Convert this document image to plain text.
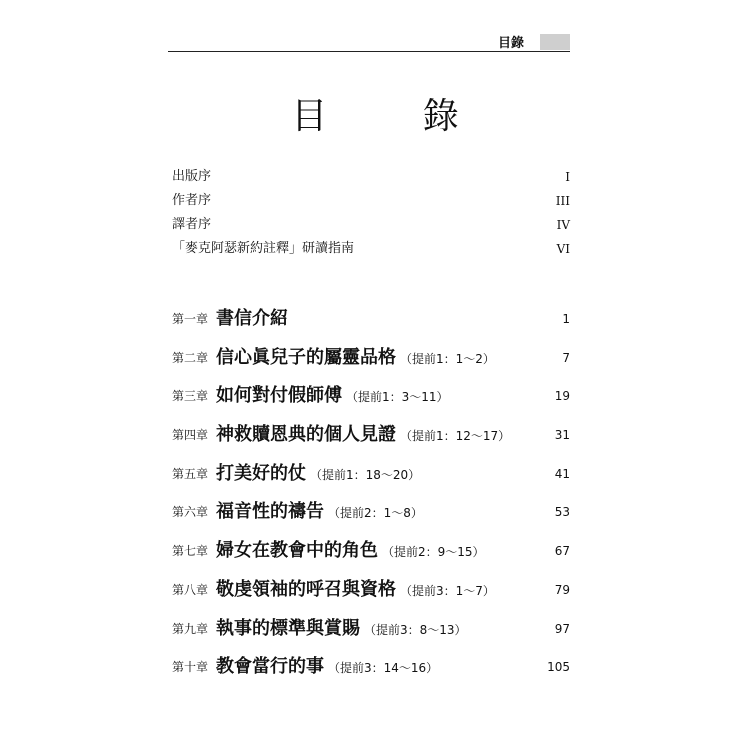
目錄
目 錄
出版序	I
作者序	III
譯者序	IV
「麥克阿瑟新約註釋」研讀指南	VI
第一章 書信介紹	1
第二章 信心眞兒子的屬靈品格 （提前1：1〜2）	7
第三章 如何對付假師傅 （提前1：3〜11）	19
第四章 神救贖恩典的個人見證 （提前1：12〜17）	31
第五章 打美好的仗 （提前1：18〜20）	41
第六章 福音性的禱告 （提前2：1〜8）	53
第七章 婦女在教會中的角色 （提前2：9〜15）	67
第八章 敬虔領袖的呼召與資格 （提前3：1〜7）	79
第九章 執事的標準與賞賜 （提前3：8〜13）	97
第十章 教會當行的事 （提前3：14〜16）	105
